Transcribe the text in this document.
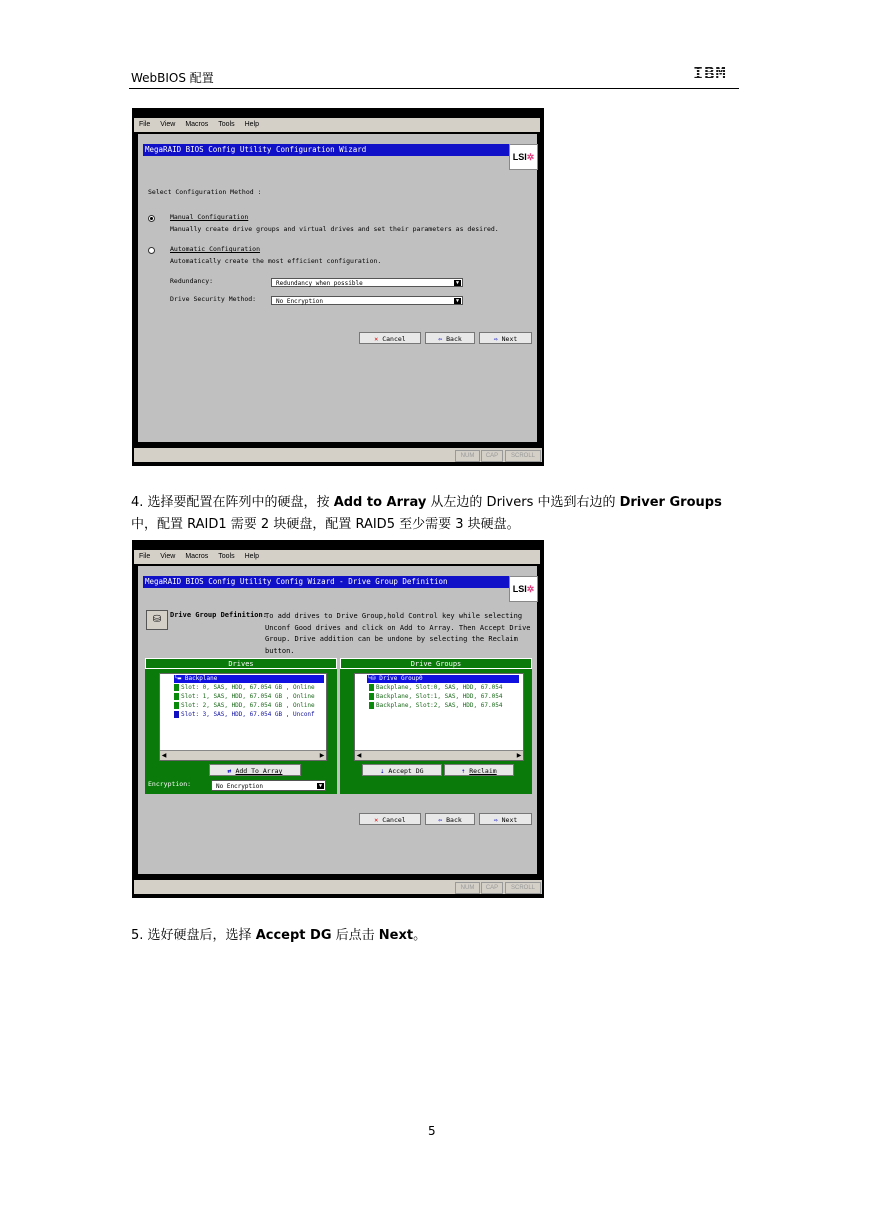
WebBIOS 配置	IBM
File View Macros Tools Help
MegaRAID BIOS Config Utility Configuration Wizard
LSI✲
Select Configuration Method :
Manual Configuration
Manually create drive groups and virtual drives and set their parameters as desired.
Automatic Configuration
Automatically create the most efficient configuration.
Redundancy:	Redundancy when possible	▼
Drive Security Method:	No Encryption	▼
✕ Cancel	⇦ Back	⇨ Next
NUM	CAP	SCROLL
4. 选择要配置在阵列中的硬盘，按 Add to Array 从左边的 Drivers 中选到右边的 Driver Groups 中，配置 RAID1 需要 2 块硬盘，配置 RAID5 至少需要 3 块硬盘。
File View Macros Tools Help
MegaRAID BIOS Config Utility Config Wizard - Drive Group Definition
LSI✲
⛁	Drive Group Definition:
To add drives to Drive Group,hold Control key while selecting Unconf Good drives and click on Add to Array. Then Accept Drive Group. Drive addition can be undone by selecting the Reclaim button.
Drives	Drive Groups
└▬ Backplane
Slot: 0, SAS, HDD, 67.054 GB , Online
Slot: 1, SAS, HDD, 67.054 GB , Online
Slot: 2, SAS, HDD, 67.054 GB , Online
Slot: 3, SAS, HDD, 67.054 GB , Unconf
◀	▶
⇄ Add To Array
Encryption:	No Encryption	▼
└⛁ Drive Group0
Backplane, Slot:0, SAS, HDD, 67.054
Backplane, Slot:1, SAS, HDD, 67.054
Backplane, Slot:2, SAS, HDD, 67.054
◀	▶
⇣ Accept DG	⇡ Reclaim
✕ Cancel	⇦ Back	⇨ Next
NUM	CAP	SCROLL
5. 选好硬盘后，选择 Accept DG 后点击 Next。
5
